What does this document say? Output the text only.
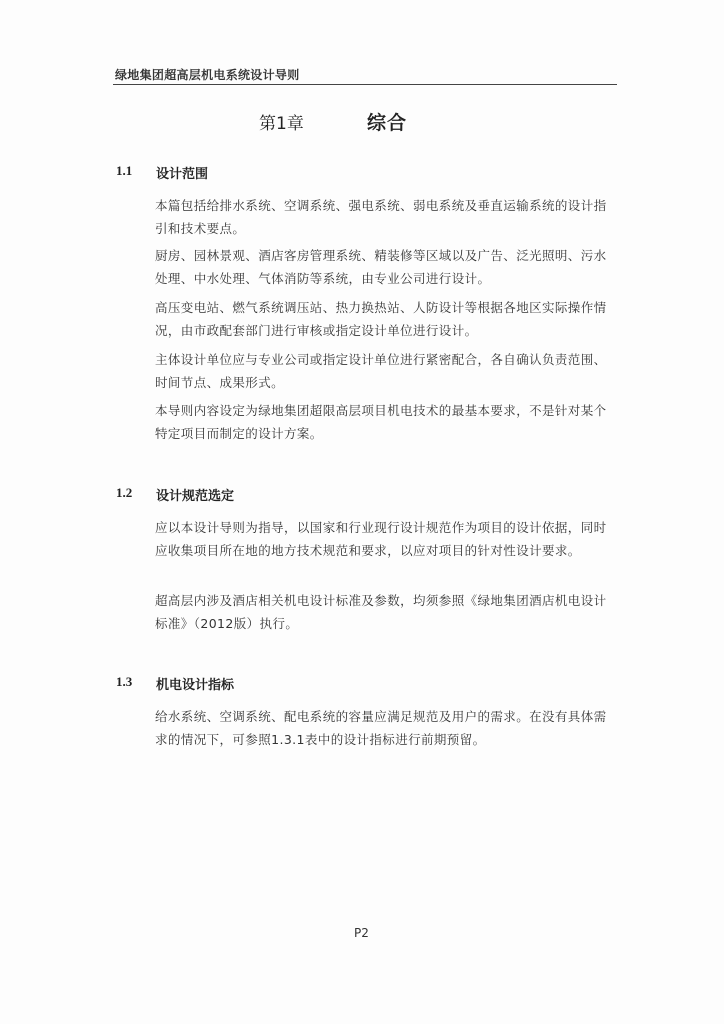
绿地集团超高层机电系统设计导则
第1章	综合
1.1 设计范围

本篇包括给排水系统、空调系统、强电系统、弱电系统及垂直运输系统的设计指引和技术要点。

厨房、园林景观、酒店客房管理系统、精装修等区域以及广告、泛光照明、污水处理、中水处理、气体消防等系统，由专业公司进行设计。

高压变电站、燃气系统调压站、热力换热站、人防设计等根据各地区实际操作情况，由市政配套部门进行审核或指定设计单位进行设计。

主体设计单位应与专业公司或指定设计单位进行紧密配合，各自确认负责范围、时间节点、成果形式。

本导则内容设定为绿地集团超限高层项目机电技术的最基本要求，不是针对某个特定项目而制定的设计方案。

1.2 设计规范选定

应以本设计导则为指导，以国家和行业现行设计规范作为项目的设计依据，同时应收集项目所在地的地方技术规范和要求，以应对项目的针对性设计要求。

超高层内涉及酒店相关机电设计标准及参数，均须参照《绿地集团酒店机电设计标准》（2012版）执行。

1.3 机电设计指标

给水系统、空调系统、配电系统的容量应满足规范及用户的需求。在没有具体需求的情况下，可参照1.3.1表中的设计指标进行前期预留。

P2
